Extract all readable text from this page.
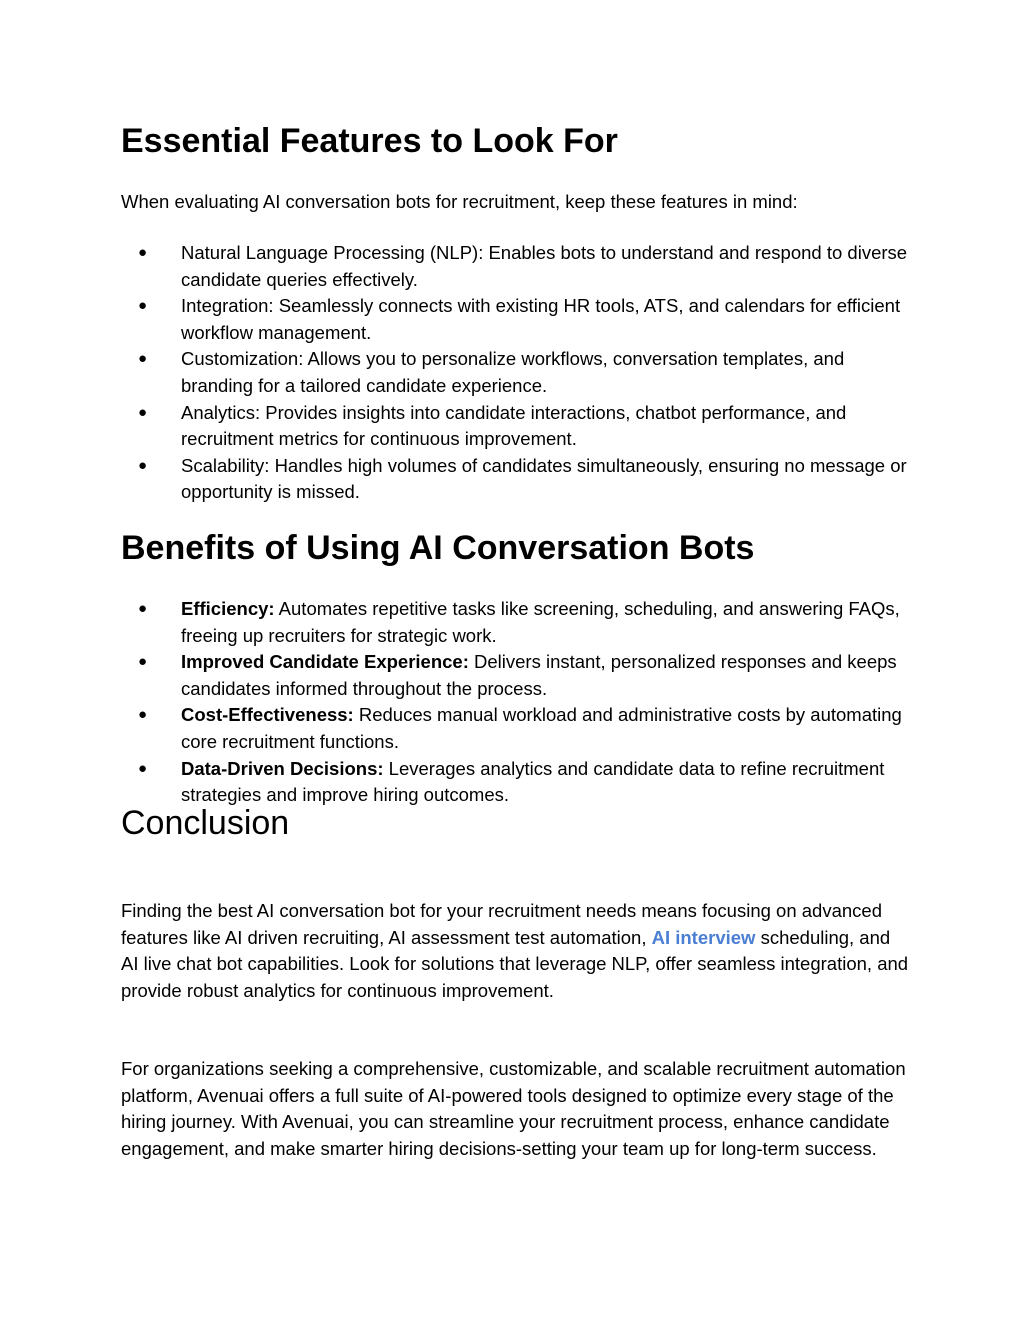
Essential Features to Look For

When evaluating AI conversation bots for recruitment, keep these features in mind:

● Natural Language Processing (NLP): Enables bots to understand and respond to diverse candidate queries effectively.
● Integration: Seamlessly connects with existing HR tools, ATS, and calendars for efficient workflow management.
● Customization: Allows you to personalize workflows, conversation templates, and branding for a tailored candidate experience.
● Analytics: Provides insights into candidate interactions, chatbot performance, and recruitment metrics for continuous improvement.
● Scalability: Handles high volumes of candidates simultaneously, ensuring no message or opportunity is missed.
Benefits of Using AI Conversation Bots
● Efficiency: Automates repetitive tasks like screening, scheduling, and answering FAQs, freeing up recruiters for strategic work.
● Improved Candidate Experience: Delivers instant, personalized responses and keeps candidates informed throughout the process.
● Cost-Effectiveness: Reduces manual workload and administrative costs by automating core recruitment functions.
● Data-Driven Decisions: Leverages analytics and candidate data to refine recruitment strategies and improve hiring outcomes.
Conclusion

Finding the best AI conversation bot for your recruitment needs means focusing on advanced features like AI driven recruiting, AI assessment test automation, AI interview scheduling, and AI live chat bot capabilities. Look for solutions that leverage NLP, offer seamless integration, and provide robust analytics for continuous improvement.

For organizations seeking a comprehensive, customizable, and scalable recruitment automation platform, Avenuai offers a full suite of AI-powered tools designed to optimize every stage of the hiring journey. With Avenuai, you can streamline your recruitment process, enhance candidate engagement, and make smarter hiring decisions-setting your team up for long-term success.
